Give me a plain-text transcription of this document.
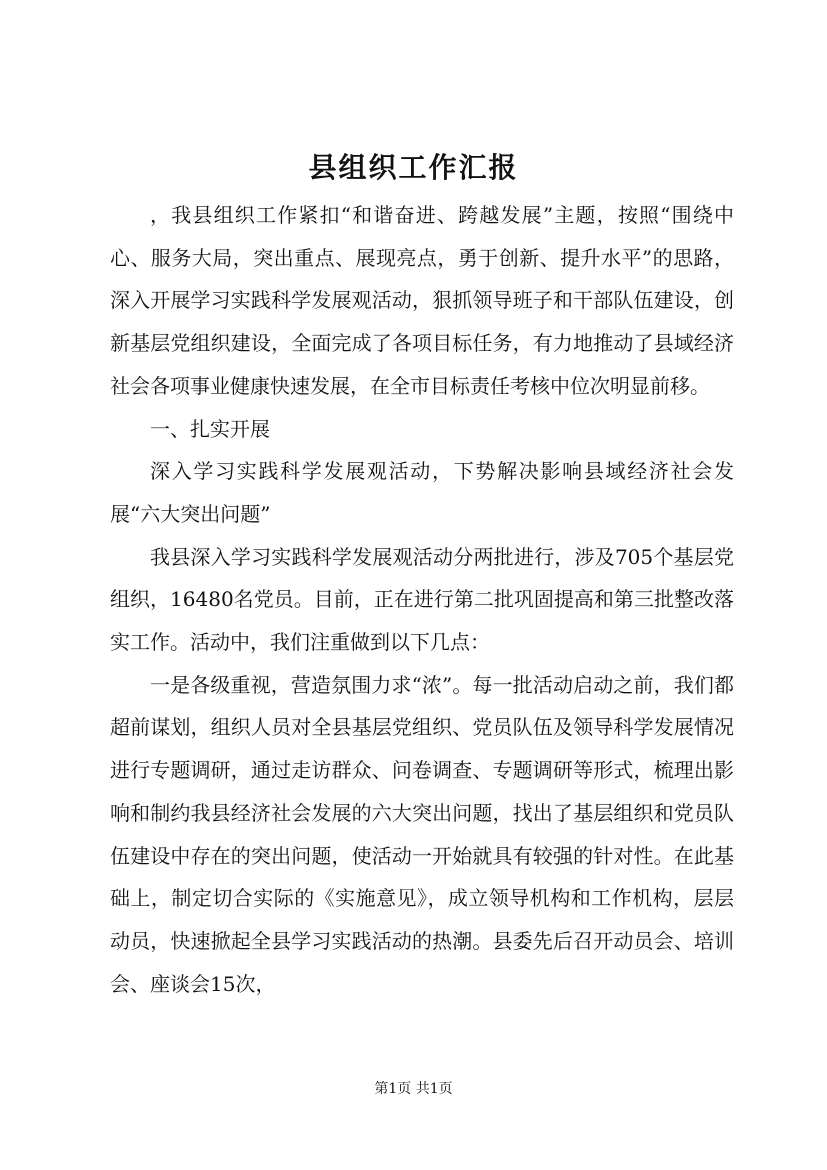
县组织工作汇报

，我县组织工作紧扣“和谐奋进、跨越发展”主题，按照“围绕中心、服务大局，突出重点、展现亮点，勇于创新、提升水平”的思路，深入开展学习实践科学发展观活动，狠抓领导班子和干部队伍建设，创新基层党组织建设，全面完成了各项目标任务，有力地推动了县域经济社会各项事业健康快速发展，在全市目标责任考核中位次明显前移。

一、扎实开展

深入学习实践科学发展观活动，下势解决影响县域经济社会发展“六大突出问题”

我县深入学习实践科学发展观活动分两批进行，涉及705个基层党组织，16480名党员。目前，正在进行第二批巩固提高和第三批整改落实工作。活动中，我们注重做到以下几点：

一是各级重视，营造氛围力求“浓”。每一批活动启动之前，我们都超前谋划，组织人员对全县基层党组织、党员队伍及领导科学发展情况进行专题调研，通过走访群众、问卷调查、专题调研等形式，梳理出影响和制约我县经济社会发展的六大突出问题，找出了基层组织和党员队伍建设中存在的突出问题，使活动一开始就具有较强的针对性。在此基础上，制定切合实际的《实施意见》，成立领导机构和工作机构，层层动员，快速掀起全县学习实践活动的热潮。县委先后召开动员会、培训会、座谈会15次，

第1页 共1页
